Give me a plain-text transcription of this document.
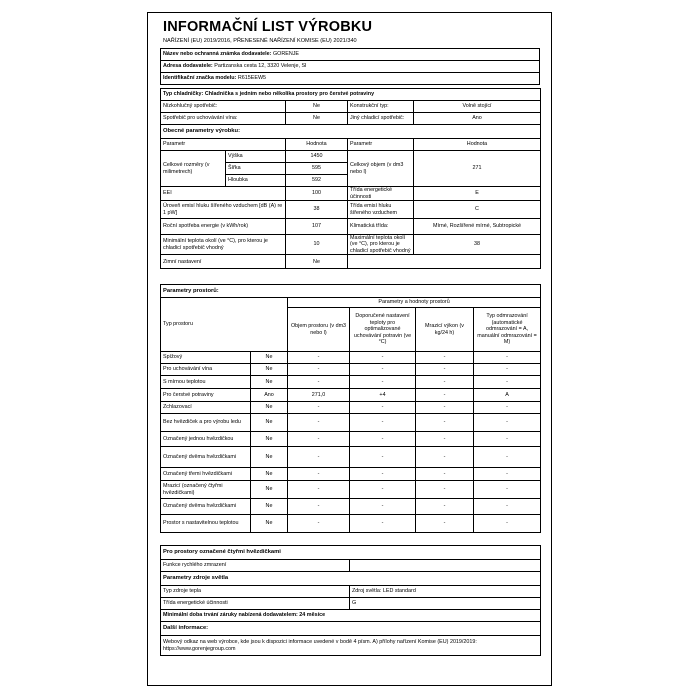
INFORMAČNÍ LIST VÝROBKU
NAŘÍZENÍ (EU) 2019/2016, PŘENESENÉ NAŘÍZENÍ KOMISE (EU) 2021/340
Název nebo ochranná známka dodavatele: GORENJE
Adresa dodavatele: Partizanska cesta 12, 3320 Velenje, SI
Identifikační značka modelu: R615EEW5
Typ chladničky: Chladnička s jedním nebo několika prostory pro čerstvé potraviny				
Nízkohlučný spotřebič:		Ne	Konstrukční typ:	Volně stojící
Spotřebič pro uchovávání vína:		Ne	Jiný chladicí spotřebič:	Ano
Obecné parametry výrobku:				
Parametr		Hodnota	Parametr	Hodnota
Celkové rozměry (v milimetrech)	Výška	1450	Celkový objem (v dm3 nebo l)	271
	Šířka	595		
	Hloubka	592		
EEI		100	Třída energetické účinnosti	E
Úroveň emisí hluku šířeného vzduchem [dB (A) re 1 pW]		38	Třída emisí hluku šířeného vzduchem	C
Roční spotřeba energie (v kWh/rok)		107	Klimatická třída:	Mírné, Rozšířené mírné, Subtropické
Minimální teplota okolí (ve °C), pro kterou je chladicí spotřebič vhodný		10	Maximální teplota okolí (ve °C), pro kterou je chladicí spotřebič vhodný	38
Zimní nastavení		Ne		
Parametry prostorů:					
Typ prostoru		Parametry a hodnoty prostorů			
		Objem prostoru (v dm3 nebo l)	Doporučené nastavení teploty pro optimalizované uchovávání potravin (ve °C)	Mrazicí výkon (v kg/24 h)	Typ odmrazování (automatické odmrazování = A, manuální odmrazování = M)
Spížový	Ne	-	-	-	-
Pro uchovávání vína	Ne	-	-	-	-
S mírnou teplotou	Ne	-	-	-	-
Pro čerstvé potraviny	Ano	271,0	+4	-	A
Zchlazovací	Ne	-	-	-	-
Bez hvězdiček a pro výrobu ledu	Ne	-	-	-	-
Označený jednou hvězdičkou	Ne	-	-	-	-
Označený dvěma hvězdičkami	Ne	-	-	-	-
Označený třemi hvězdičkami	Ne	-	-	-	-
Mrazicí (označený čtyřmi hvězdičkami)	Ne	-	-	-	-
Označený dvěma hvězdičkami	Ne	-	-	-	-
Prostor s nastavitelnou teplotou	Ne	-	-	-	-
Pro prostory označené čtyřmi hvězdičkami	
Funkce rychlého zmrazení	
Parametry zdroje světla	
Typ zdroje tepla	Zdroj světla: LED standard
Třída energetické účinnosti	G
Minimální doba trvání záruky nabízená dodavatelem: 24 měsíce	
Další informace:	
Webový odkaz na web výrobce, kde jsou k dispozici informace uvedené v bodě 4 písm. A) přílohy nařízení Komise (EU) 2019/2019: https://www.gorenjegroup.com	
